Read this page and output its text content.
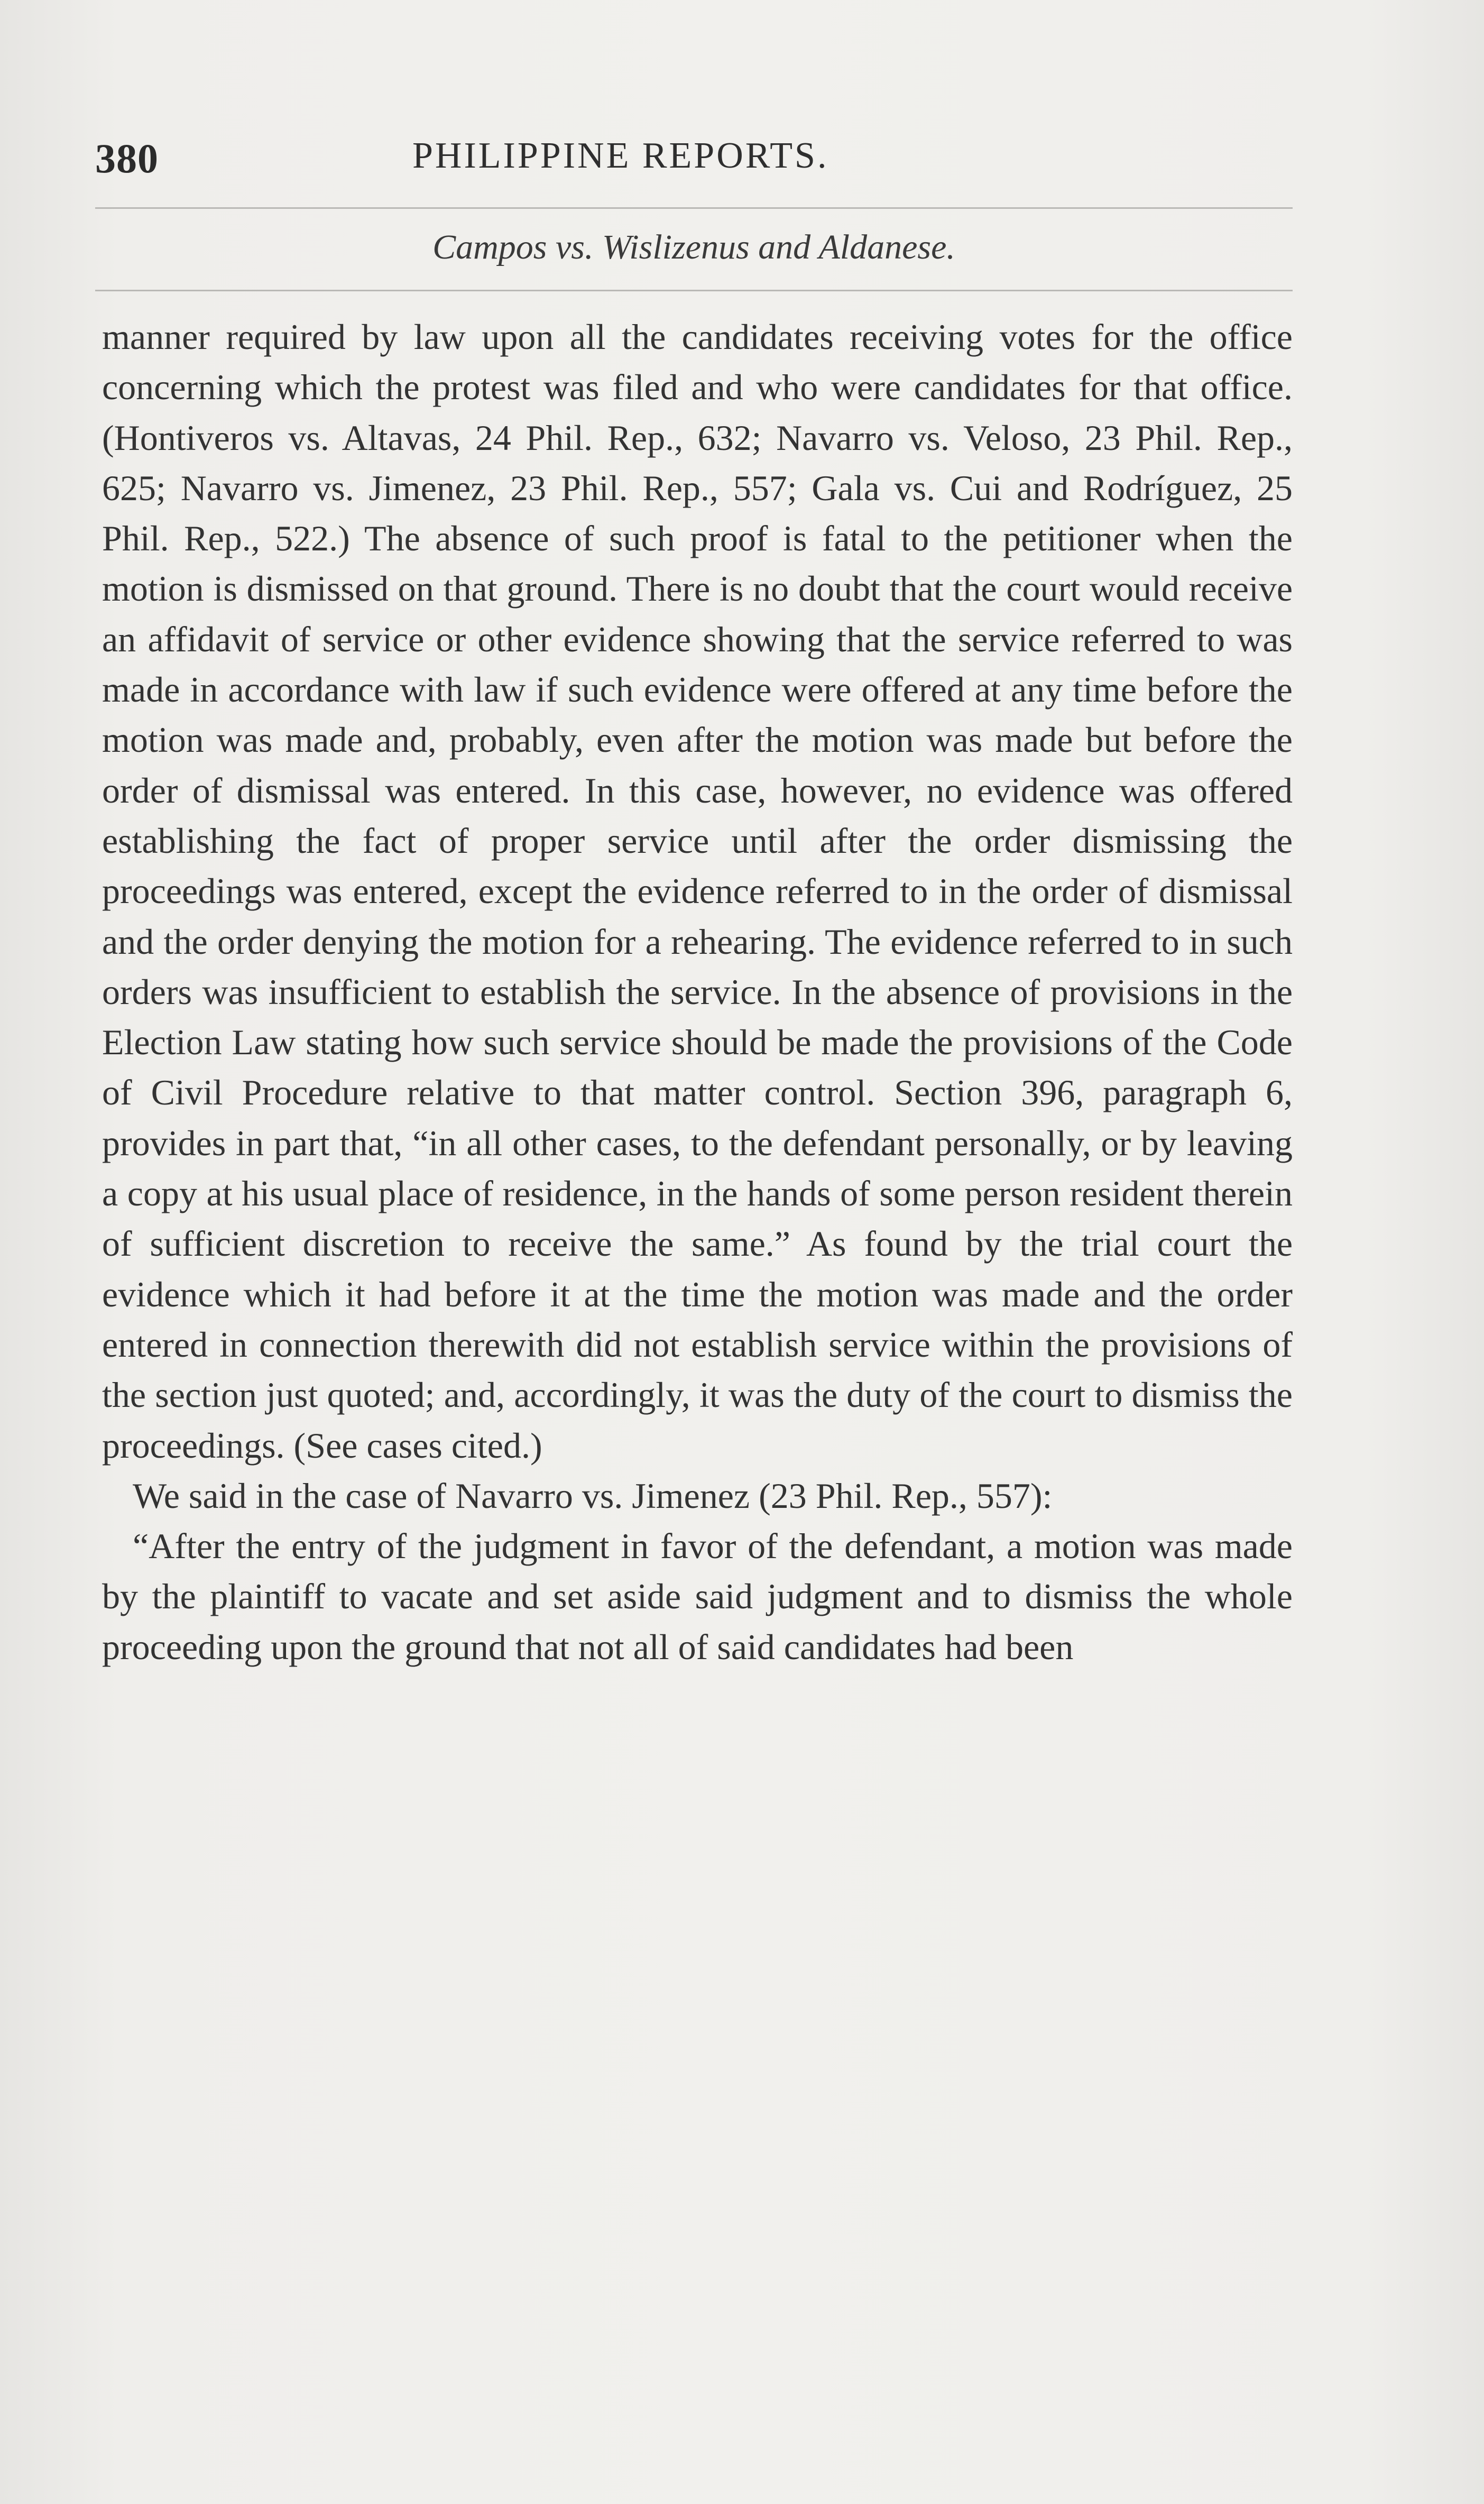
380	PHILIPPINE REPORTS.
Campos vs. Wislizenus and Aldanese.

manner required by law upon all the candidates receiving votes for the office concerning which the protest was filed and who were candidates for that office. (Hontiveros vs. Altavas, 24 Phil. Rep., 632; Navarro vs. Veloso, 23 Phil. Rep., 625; Navarro vs. Jimenez, 23 Phil. Rep., 557; Gala vs. Cui and Rodríguez, 25 Phil. Rep., 522.) The absence of such proof is fatal to the petitioner when the motion is dismissed on that ground. There is no doubt that the court would receive an affidavit of service or other evidence showing that the service referred to was made in accordance with law if such evidence were offered at any time before the motion was made and, probably, even after the motion was made but before the order of dismissal was entered. In this case, however, no evidence was offered establishing the fact of proper service until after the order dismissing the proceedings was entered, except the evidence referred to in the order of dismissal and the order denying the motion for a rehearing. The evidence referred to in such orders was insufficient to establish the service. In the absence of provisions in the Election Law stating how such service should be made the provisions of the Code of Civil Procedure relative to that matter control. Section 396, paragraph 6, provides in part that, “in all other cases, to the defendant personally, or by leaving a copy at his usual place of residence, in the hands of some person resident therein of sufficient discretion to receive the same.” As found by the trial court the evidence which it had before it at the time the motion was made and the order entered in connection therewith did not establish service within the provisions of the section just quoted; and, accordingly, it was the duty of the court to dismiss the proceedings. (See cases cited.)

We said in the case of Navarro vs. Jimenez (23 Phil. Rep., 557):

“After the entry of the judgment in favor of the defendant, a motion was made by the plaintiff to vacate and set aside said judgment and to dismiss the whole proceeding upon the ground that not all of said candidates had been
